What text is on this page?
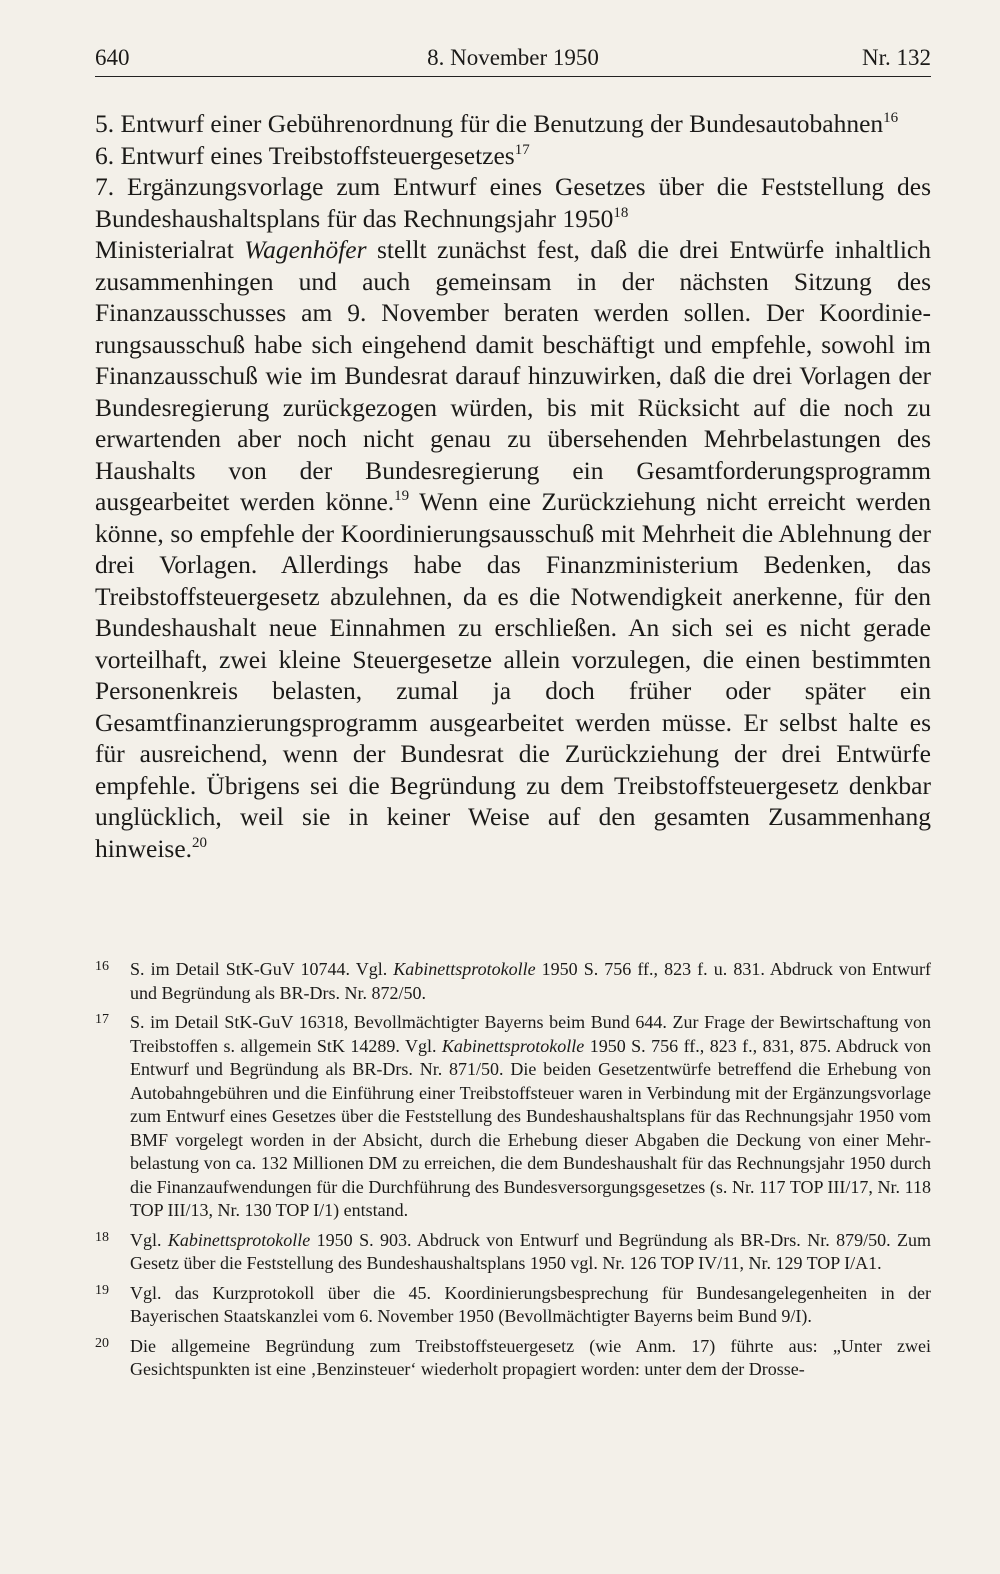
640	8. November 1950	Nr. 132

5. Entwurf einer Gebührenordnung für die Benutzung der Bundesautobahnen$^{16}$

6. Entwurf eines Treibstoffsteuergesetzes$^{17}$

7. Ergänzungsvorlage zum Entwurf eines Gesetzes über die Feststellung des Bundeshaushaltsplans für das Rechnungsjahr 1950$^{18}$

Ministerialrat Wagenhöfer stellt zunächst fest, daß die drei Entwürfe inhaltlich zusammenhingen und auch gemeinsam in der nächsten Sitzung des Finanzausschusses am 9. November beraten werden sollen. Der Koordinierungsausschuß habe sich eingehend damit beschäftigt und empfehle, sowohl im Finanzausschuß wie im Bundesrat darauf hinzuwirken, daß die drei Vorlagen der Bundesregierung zurückgezogen würden, bis mit Rücksicht auf die noch zu erwartenden aber noch nicht genau zu übersehenden Mehrbelastungen des Haushalts von der Bundesregierung ein Gesamtforderungsprogramm ausgearbeitet werden könne.$^{19}$ Wenn eine Zurückziehung nicht erreicht werden könne, so empfehle der Koordinierungsausschuß mit Mehrheit die Ablehnung der drei Vorlagen. Allerdings habe das Finanzministerium Bedenken, das Treibstoffsteuergesetz abzulehnen, da es die Notwendigkeit anerkenne, für den Bundeshaushalt neue Einnahmen zu erschließen. An sich sei es nicht gerade vorteilhaft, zwei kleine Steuergesetze allein vorzulegen, die einen bestimmten Personenkreis belasten, zumal ja doch früher oder später ein Gesamtfinanzierungsprogramm ausgearbeitet werden müsse. Er selbst halte es für ausreichend, wenn der Bundesrat die Zurückziehung der drei Entwürfe empfehle. Übrigens sei die Begründung zu dem Treibstoffsteuergesetz denkbar unglücklich, weil sie in keiner Weise auf den gesamten Zusammenhang hinweise.$^{20}$

16 S. im Detail StK-GuV 10744. Vgl. Kabinettsprotokolle 1950 S. 756 ff., 823 f. u. 831. Abdruck von Entwurf und Begründung als BR-Drs. Nr. 872/50.
17 S. im Detail StK-GuV 16318, Bevollmächtigter Bayerns beim Bund 644. Zur Frage der Bewirtschaftung von Treibstoffen s. allgemein StK 14289. Vgl. Kabinettsprotokolle 1950 S. 756 ff., 823 f., 831, 875. Abdruck von Entwurf und Begründung als BR-Drs. Nr. 871/50. Die beiden Gesetzentwürfe betreffend die Erhebung von Autobahngebühren und die Einführung einer Treibstoffsteuer waren in Verbindung mit der Ergänzungsvorlage zum Entwurf eines Gesetzes über die Feststellung des Bundeshaushaltsplans für das Rechnungsjahr 1950 vom BMF vorgelegt worden in der Absicht, durch die Erhebung dieser Abgaben die Deckung von einer Mehrbelastung von ca. 132 Millionen DM zu erreichen, die dem Bundeshaushalt für das Rechnungsjahr 1950 durch die Finanzaufwendungen für die Durchführung des Bundesversorgungsgesetzes (s. Nr. 117 TOP III/17, Nr. 118 TOP III/13, Nr. 130 TOP I/1) entstand.
18 Vgl. Kabinettsprotokolle 1950 S. 903. Abdruck von Entwurf und Begründung als BR-Drs. Nr. 879/50. Zum Gesetz über die Feststellung des Bundeshaushaltsplans 1950 vgl. Nr. 126 TOP IV/11, Nr. 129 TOP I/A1.
19 Vgl. das Kurzprotokoll über die 45. Koordinierungsbesprechung für Bundesangelegenheiten in der Bayerischen Staatskanzlei vom 6. November 1950 (Bevollmächtigter Bayerns beim Bund 9/I).
20 Die allgemeine Begründung zum Treibstoffsteuergesetz (wie Anm. 17) führte aus: „Unter zwei Gesichtspunkten ist eine ‚Benzinsteuer‘ wiederholt propagiert worden: unter dem der Drosse-
